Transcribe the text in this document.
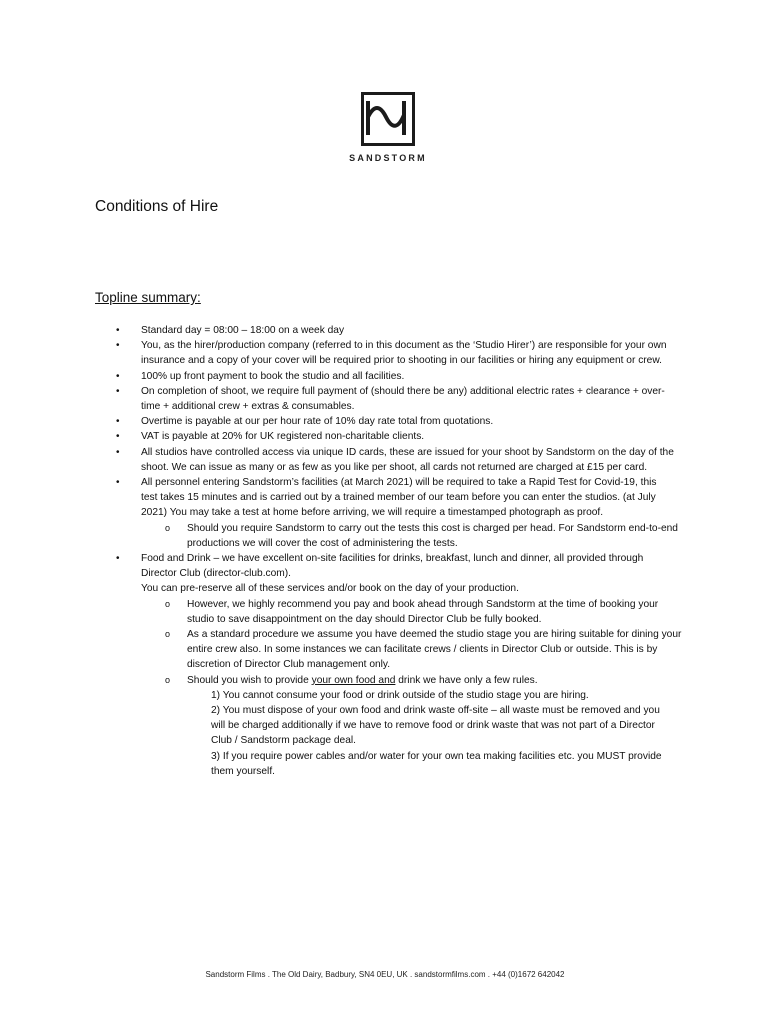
SANDSTORM
Conditions of Hire
Topline summary:
• Standard day = 08:00 – 18:00 on a week day
• You, as the hirer/production company (referred to in this document as the ‘Studio Hirer’) are responsible for your own insurance and a copy of your cover will be required prior to shooting in our facilities or hiring any equipment or crew.
• 100% up front payment to book the studio and all facilities.
• On completion of shoot, we require full payment of (should there be any) additional electric rates + clearance + over-time + additional crew + extras & consumables.
• Overtime is payable at our per hour rate of 10% day rate total from quotations.
• VAT is payable at 20% for UK registered non-charitable clients.
• All studios have controlled access via unique ID cards, these are issued for your shoot by Sandstorm on the day of the shoot. We can issue as many or as few as you like per shoot, all cards not returned are charged at £15 per card.
• All personnel entering Sandstorm’s facilities (at March 2021) will be required to take a Rapid Test for Covid-19, this test takes 15 minutes and is carried out by a trained member of our team before you can enter the studios. (at July 2021) You may take a test at home before arriving, we will require a timestamped photograph as proof.
o Should you require Sandstorm to carry out the tests this cost is charged per head. For Sandstorm end-to-end productions we will cover the cost of administering the tests.
• Food and Drink – we have excellent on-site facilities for drinks, breakfast, lunch and dinner, all provided through Director Club (director-club.com).
You can pre-reserve all of these services and/or book on the day of your production.
o However, we highly recommend you pay and book ahead through Sandstorm at the time of booking your studio to save disappointment on the day should Director Club be fully booked.
o As a standard procedure we assume you have deemed the studio stage you are hiring suitable for dining your entire crew also. In some instances we can facilitate crews / clients in Director Club or outside. This is by discretion of Director Club management only.
o Should you wish to provide your own food and drink we have only a few rules.
1) You cannot consume your food or drink outside of the studio stage you are hiring.
2) You must dispose of your own food and drink waste off-site – all waste must be removed and you will be charged additionally if we have to remove food or drink waste that was not part of a Director Club / Sandstorm package deal.
3) If you require power cables and/or water for your own tea making facilities etc. you MUST provide them yourself.
Sandstorm Films . The Old Dairy, Badbury, SN4 0EU, UK . sandstormfilms.com . +44 (0)1672 642042
